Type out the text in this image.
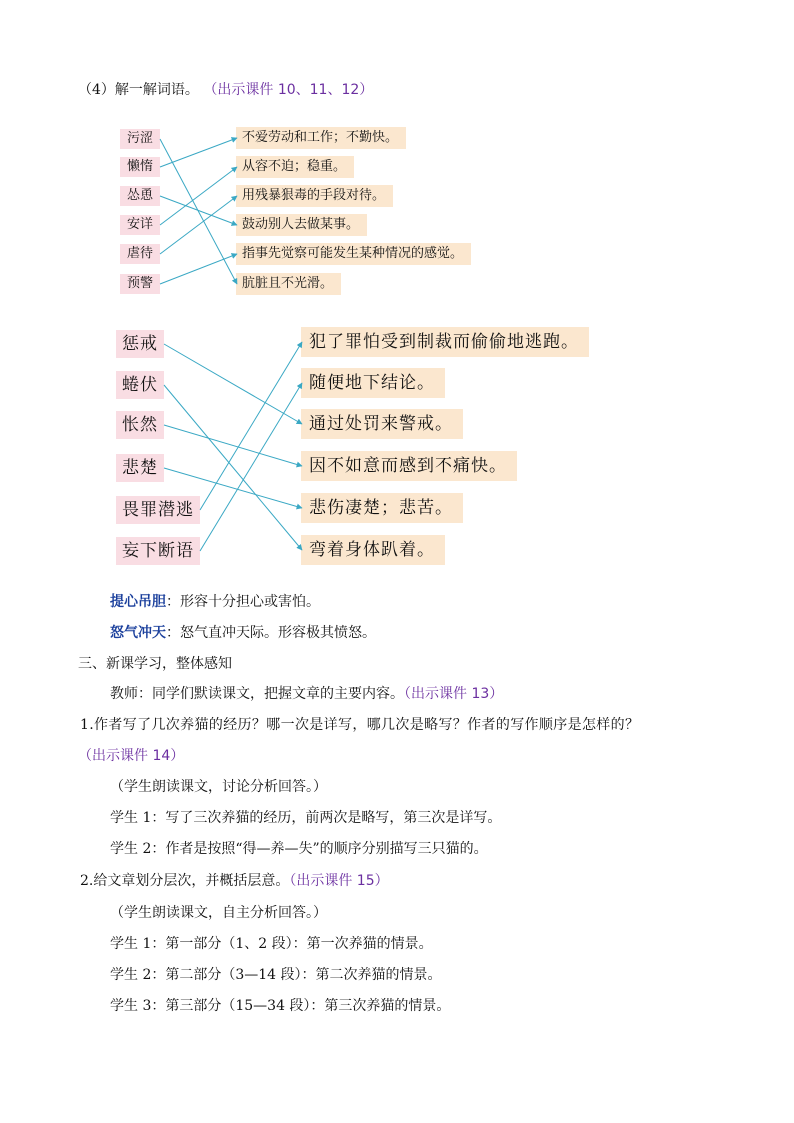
（4）解一解词语。 （出示课件 10、11、12）
污涩
懒惰
怂恿
安详
虐待
预警
不爱劳动和工作；不勤快。
从容不迫；稳重。
用残暴狠毒的手段对待。
鼓动别人去做某事。
指事先觉察可能发生某种情况的感觉。
肮脏且不光滑。
惩戒
蜷伏
怅然
悲楚
畏罪潜逃
妄下断语
犯了罪怕受到制裁而偷偷地逃跑。
随便地下结论。
通过处罚来警戒。
因不如意而感到不痛快。
悲伤凄楚；悲苦。
弯着身体趴着。
提心吊胆：形容十分担心或害怕。
怒气冲天：怒气直冲天际。形容极其愤怒。
三、新课学习，整体感知
教师：同学们默读课文，把握文章的主要内容。（出示课件 13）
1.作者写了几次养猫的经历？哪一次是详写，哪几次是略写？作者的写作顺序是怎样的？
（出示课件 14）
（学生朗读课文，讨论分析回答。）
学生 1：写了三次养猫的经历，前两次是略写，第三次是详写。
学生 2：作者是按照“得—养—失”的顺序分别描写三只猫的。
2.给文章划分层次，并概括层意。（出示课件 15）
（学生朗读课文，自主分析回答。）
学生 1：第一部分（1、2 段）：第一次养猫的情景。
学生 2：第二部分（3—14 段）：第二次养猫的情景。
学生 3：第三部分（15—34 段）：第三次养猫的情景。
